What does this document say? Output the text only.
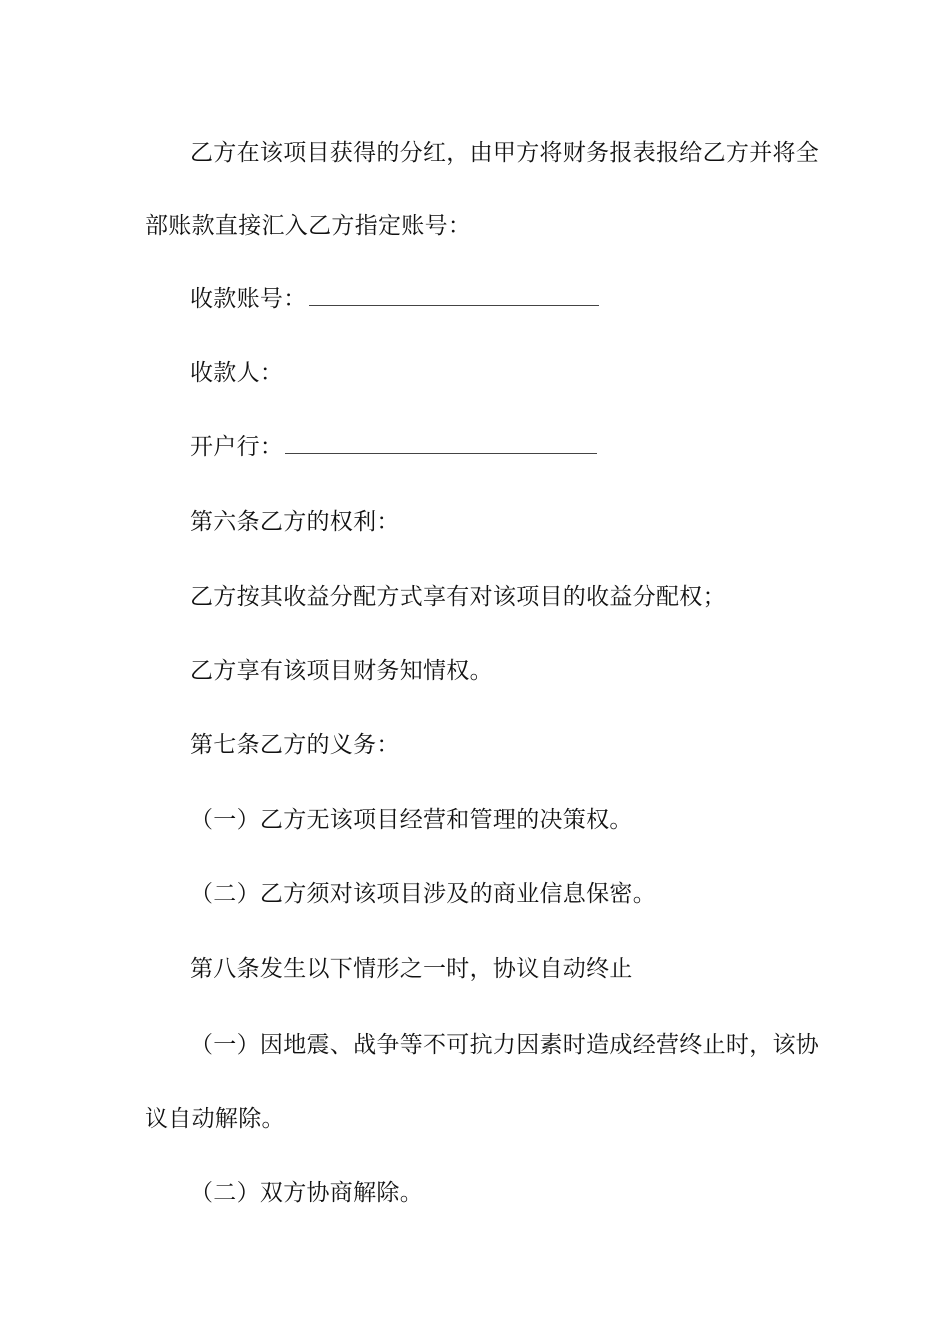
乙方在该项目获得的分红，由甲方将财务报表报给乙方并将全
部账款直接汇入乙方指定账号：
收款账号：
收款人：
开户行：
第六条乙方的权利：
乙方按其收益分配方式享有对该项目的收益分配权；
乙方享有该项目财务知情权。
第七条乙方的义务：
（一）乙方无该项目经营和管理的决策权。
（二）乙方须对该项目涉及的商业信息保密。
第八条发生以下情形之一时，协议自动终止
（一）因地震、战争等不可抗力因素时造成经营终止时，该协
议自动解除。
（二）双方协商解除。
